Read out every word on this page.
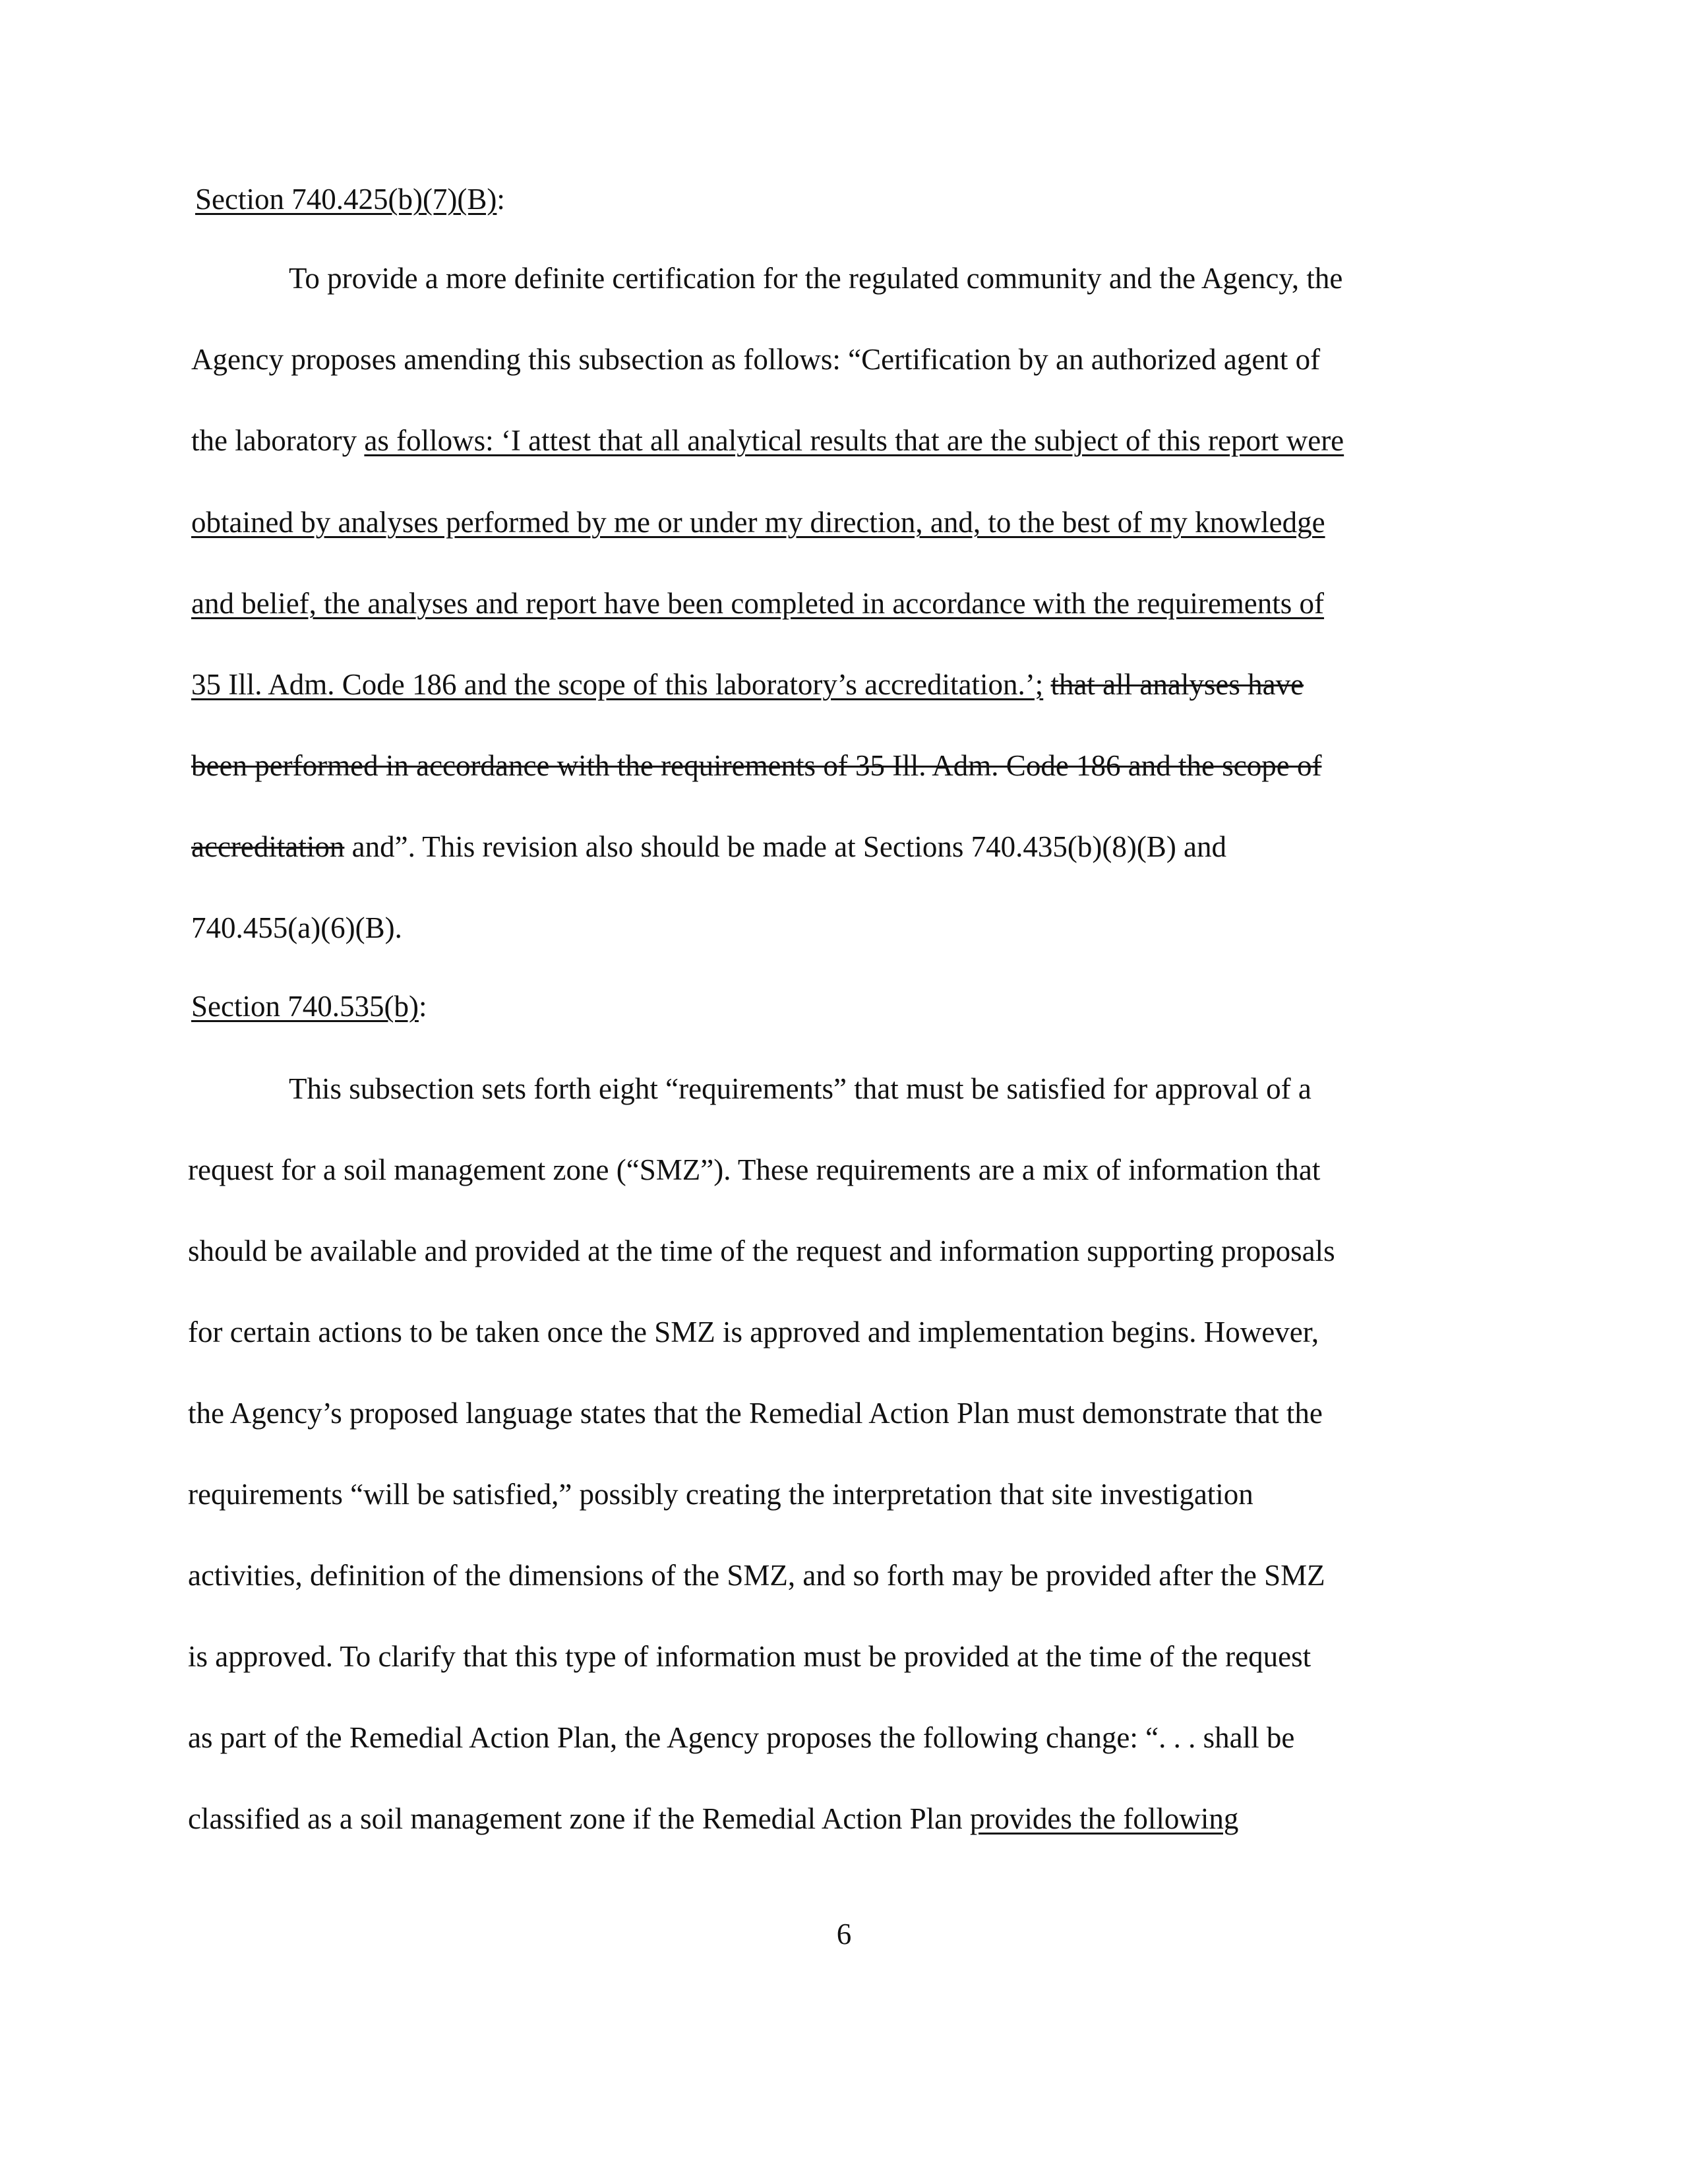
Section 740.425(b)(7)(B):
To provide a more definite certification for the regulated community and the Agency, the
Agency proposes amending this subsection as follows: “Certification by an authorized agent of
the laboratory as follows: ‘I attest that all analytical results that are the subject of this report were
obtained by analyses performed by me or under my direction, and, to the best of my knowledge
and belief, the analyses and report have been completed in accordance with the requirements of
35 Ill. Adm. Code 186 and the scope of this laboratory’s accreditation.’; that all analyses have
been performed in accordance with the requirements of 35 Ill. Adm. Code 186 and the scope of
accreditation and”. This revision also should be made at Sections 740.435(b)(8)(B) and
740.455(a)(6)(B).
Section 740.535(b):
This subsection sets forth eight “requirements” that must be satisfied for approval of a
request for a soil management zone (“SMZ”). These requirements are a mix of information that
should be available and provided at the time of the request and information supporting proposals
for certain actions to be taken once the SMZ is approved and implementation begins. However,
the Agency’s proposed language states that the Remedial Action Plan must demonstrate that the
requirements “will be satisfied,” possibly creating the interpretation that site investigation
activities, definition of the dimensions of the SMZ, and so forth may be provided after the SMZ
is approved. To clarify that this type of information must be provided at the time of the request
as part of the Remedial Action Plan, the Agency proposes the following change: “. . . shall be
classified as a soil management zone if the Remedial Action Plan provides the following
6
